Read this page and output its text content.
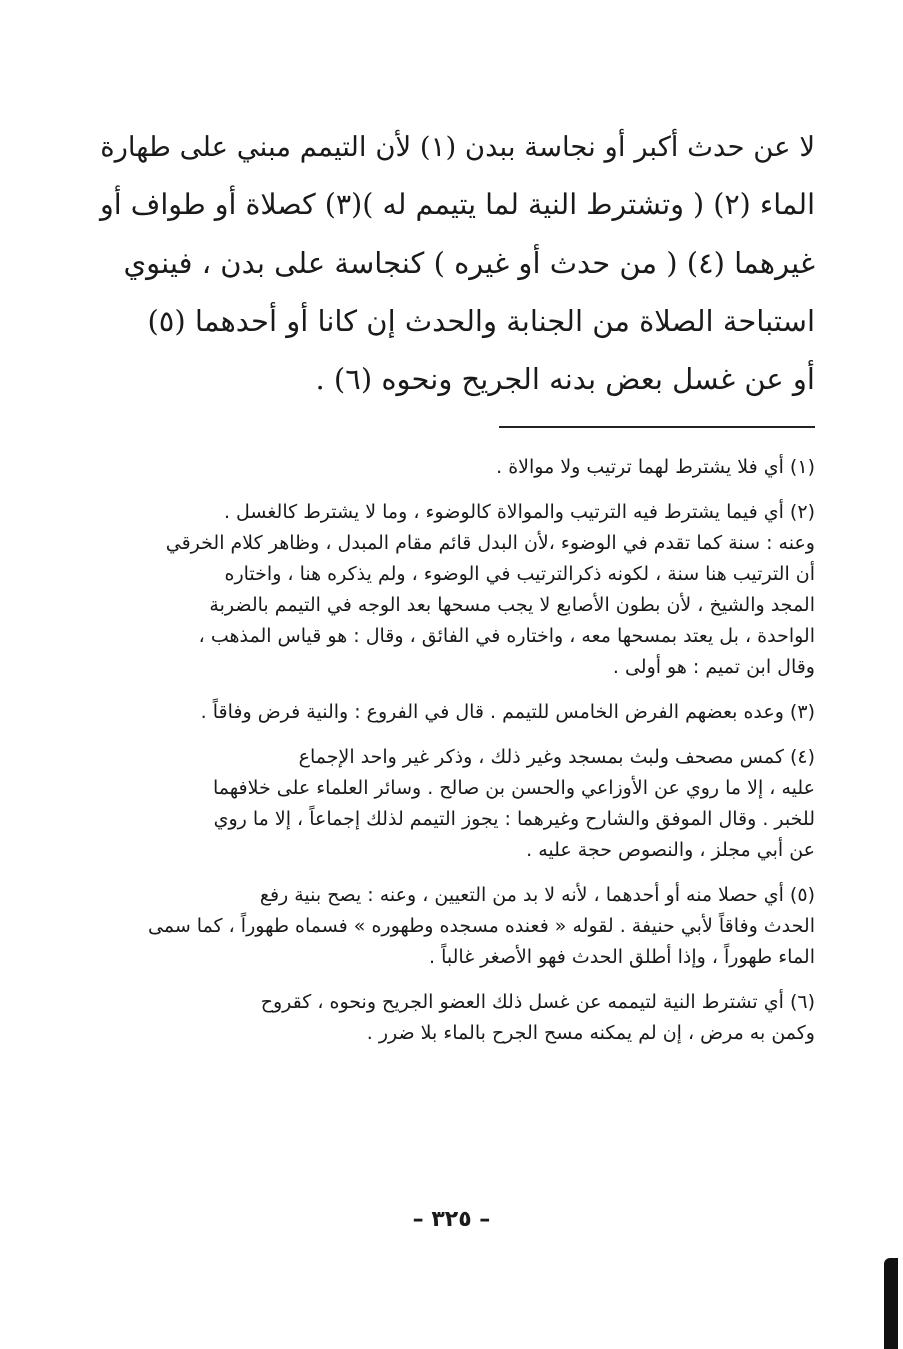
لا عن حدث أكبر أو نجاسة ببدن (١) لأن التيمم مبني على طهارة
الماء (٢) ( وتشترط النية لما يتيمم له )(٣) كصلاة أو طواف أو
غيرهما (٤) ( من حدث أو غيره ) كنجاسة على بدن ، فينوي
استباحة الصلاة من الجنابة والحدث إن كانا أو أحدهما (٥)
أو عن غسل بعض بدنه الجريح ونحوه (٦) .
(١) أي فلا يشترط لهما ترتيب ولا موالاة .
(٢) أي فيما يشترط فيه الترتيب والموالاة كالوضوء ، وما لا يشترط كالغسل .
وعنه : سنة كما تقدم في الوضوء ،لأن البدل قائم مقام المبدل ، وظاهر كلام الخرقي
أن الترتيب هنا سنة ، لكونه ذكرالترتيب في الوضوء ، ولم يذكره هنا ، واختاره
المجد والشيخ ، لأن بطون الأصابع لا يجب مسحها بعد الوجه في التيمم بالضربة
الواحدة ، بل يعتد بمسحها معه ، واختاره في الفائق ، وقال : هو قياس المذهب ،
وقال ابن تميم : هو أولى .
(٣) وعده بعضهم الفرض الخامس للتيمم . قال في الفروع : والنية فرض وفاقاً .
(٤) كمس مصحف ولبث بمسجد وغير ذلك ، وذكر غير واحد الإجماع
عليه ، إلا ما روي عن الأوزاعي والحسن بن صالح . وسائر العلماء على خلافهما
للخبر . وقال الموفق والشارح وغيرهما : يجوز التيمم لذلك إجماعاً ، إلا ما روي
عن أبي مجلز ، والنصوص حجة عليه .
(٥) أي حصلا منه أو أحدهما ، لأنه لا بد من التعيين ، وعنه : يصح بنية رفع
الحدث وفاقاً لأبي حنيفة . لقوله « فعنده مسجده وطهوره » فسماه طهوراً ، كما سمى
الماء طهوراً ، وإذا أطلق الحدث فهو الأصغر غالباً .
(٦) أي تشترط النية لتيممه عن غسل ذلك العضو الجريح ونحوه ، كقروح
وكمن به مرض ، إن لم يمكنه مسح الجرح بالماء بلا ضرر .
– ٣٢٥ –
